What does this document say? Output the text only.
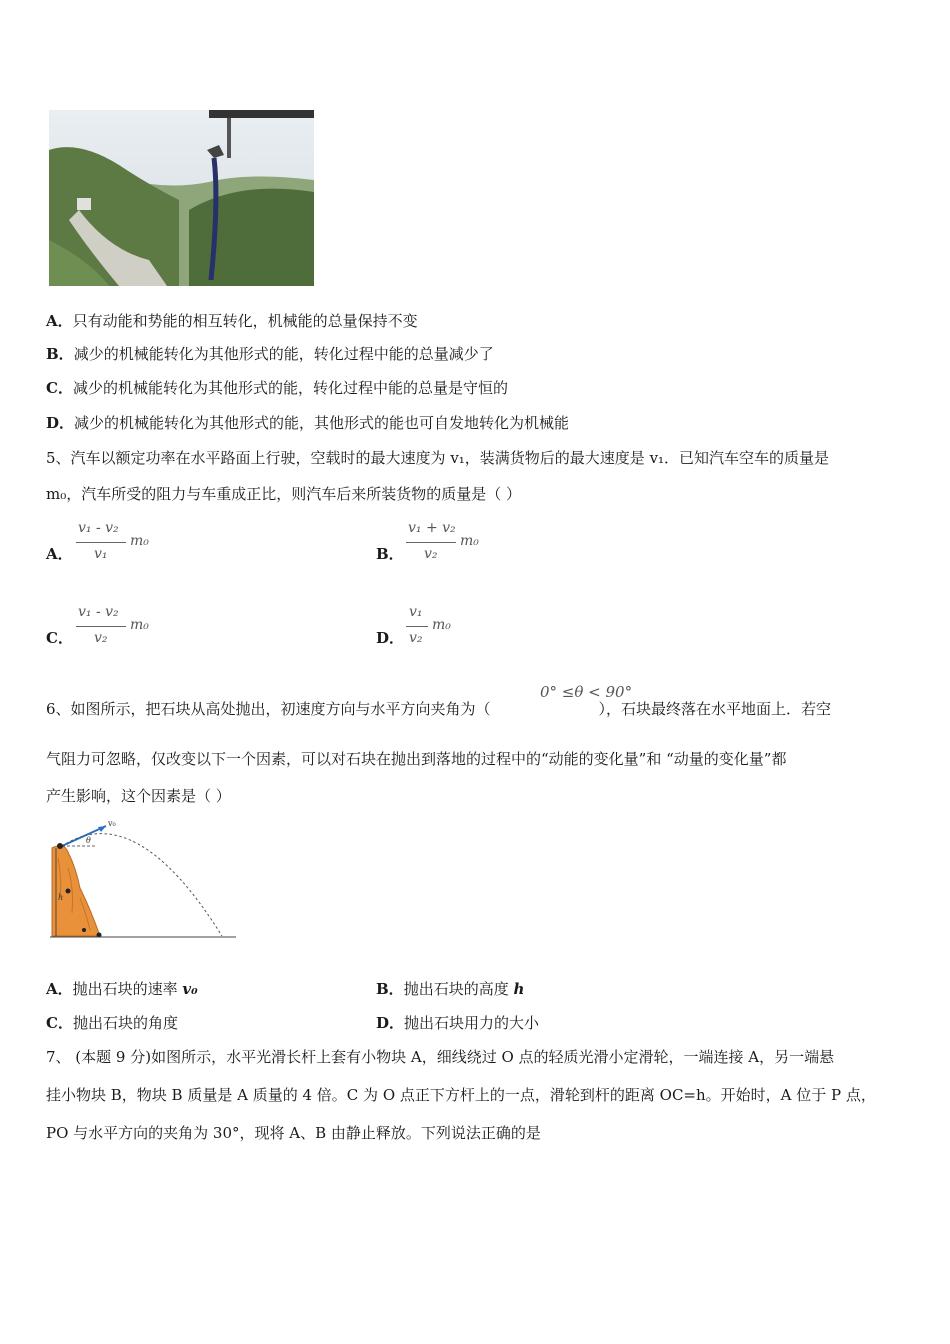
A．只有动能和势能的相互转化，机械能的总量保持不变
B．减少的机械能转化为其他形式的能，转化过程中能的总量减少了
C．减少的机械能转化为其他形式的能，转化过程中能的总量是守恒的
D．减少的机械能转化为其他形式的能，其他形式的能也可自发地转化为机械能
5、汽车以额定功率在水平路面上行驶，空载时的最大速度为 v₁，装满货物后的最大速度是 v₁．已知汽车空车的质量是
m₀，汽车所受的阻力与车重成正比，则汽车后来所装货物的质量是（ ）
A．
v₁ - v₂
v₁
m₀
B．
v₁ + v₂
v₂
m₀
C．
v₁ - v₂
v₂
m₀
D．
v₁
v₂
m₀
6、如图所示，把石块从高处抛出，初速度方向与水平方向夹角为（	），石块最终落在水平地面上．若空
0° ≤θ < 90°
气阻力可忽略，仅改变以下一个因素，可以对石块在抛出到落地的过程中的“动能的变化量”和 “动量的变化量”都
产生影响，这个因素是（ ）
h
v₀
θ
A．抛出石块的速率 v₀	B．抛出石块的高度 h
C．抛出石块的角度	D．抛出石块用力的大小
7、 (本题 9 分)如图所示，水平光滑长杆上套有小物块 A，细线绕过 O 点的轻质光滑小定滑轮，一端连接 A，另一端悬
挂小物块 B，物块 B 质量是 A 质量的 4 倍。C 为 O 点正下方杆上的一点，滑轮到杆的距离 OC=h。开始时，A 位于 P 点，
PO 与水平方向的夹角为 30°，现将 A、B 由静止释放。下列说法正确的是
